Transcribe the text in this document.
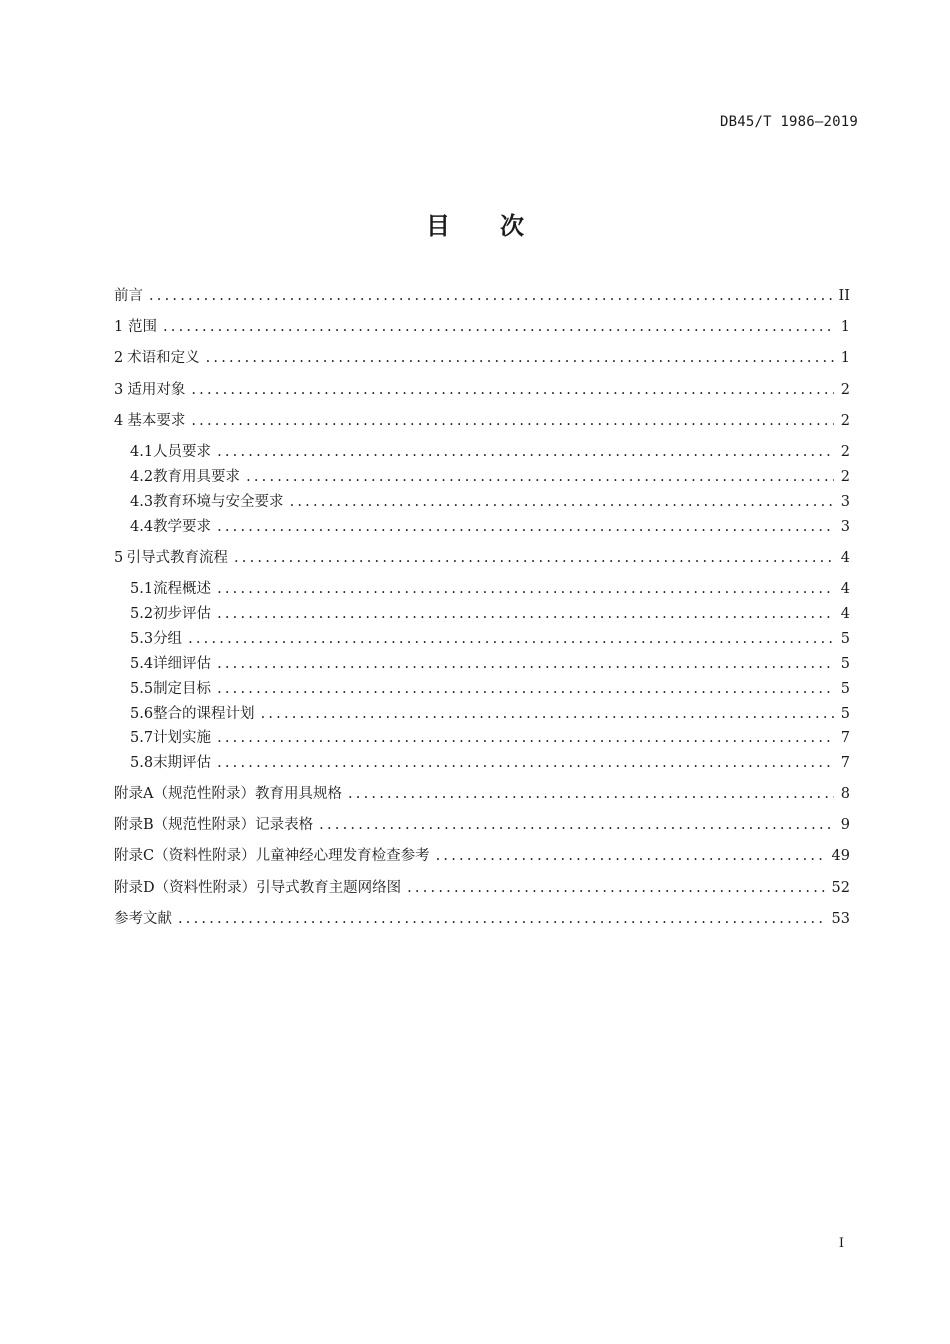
DB45/T 1986—2019
目 次
前言 .....	II
1 范围 .....	1
2 术语和定义 .....	1
3 适用对象 .....	2
4 基本要求 .....	2
4.1 人员要求 .....	2
4.2 教育用具要求 .....	2
4.3 教育环境与安全要求 .....	3
4.4 教学要求 .....	3
5 引导式教育流程 .....	4
5.1 流程概述 .....	4
5.2 初步评估 .....	4
5.3 分组 .....	5
5.4 详细评估 .....	5
5.5 制定目标 .....	5
5.6 整合的课程计划 .....	5
5.7 计划实施 .....	7
5.8 末期评估 .....	7
附录A（规范性附录） 教育用具规格 .....	8
附录B（规范性附录） 记录表格 .....	9
附录C（资料性附录） 儿童神经心理发育检查参考 .....	49
附录D（资料性附录） 引导式教育主题网络图 .....	52
参考文献 .....	53
I
